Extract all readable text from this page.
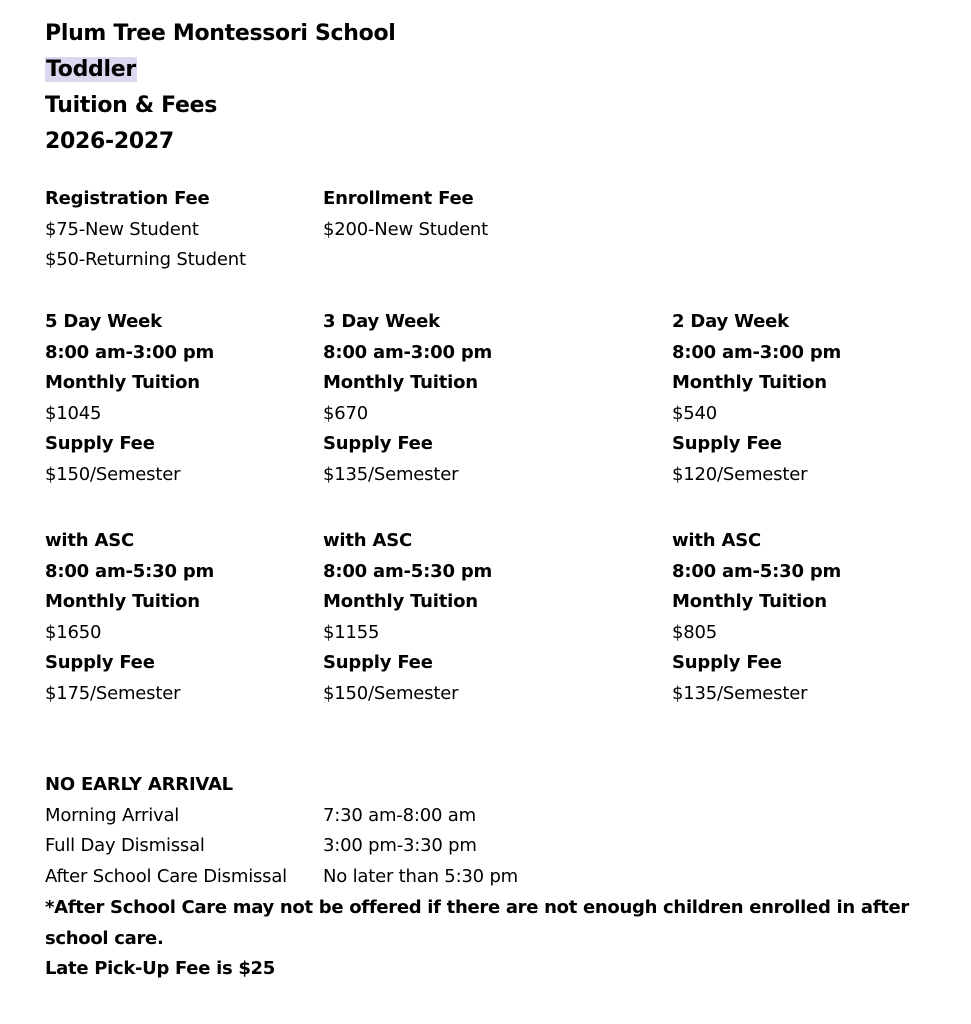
Plum Tree Montessori School
Toddler
Tuition & Fees
2026-2027
Registration Fee
$75-New Student
$50-Returning Student
Enrollment Fee
$200-New Student
5 Day Week
8:00 am-3:00 pm
Monthly Tuition
$1045
Supply Fee
$150/Semester
3 Day Week
8:00 am-3:00 pm
Monthly Tuition
$670
Supply Fee
$135/Semester
2 Day Week
8:00 am-3:00 pm
Monthly Tuition
$540
Supply Fee
$120/Semester
with ASC
8:00 am-5:30 pm
Monthly Tuition
$1650
Supply Fee
$175/Semester
with ASC
8:00 am-5:30 pm
Monthly Tuition
$1155
Supply Fee
$150/Semester
with ASC
8:00 am-5:30 pm
Monthly Tuition
$805
Supply Fee
$135/Semester
NO EARLY ARRIVAL
Morning Arrival	7:30 am-8:00 am
Full Day Dismissal	3:00 pm-3:30 pm
After School Care Dismissal No later than 5:30 pm
*After School Care may not be offered if there are not enough children enrolled in after school care.
Late Pick-Up Fee is $25
